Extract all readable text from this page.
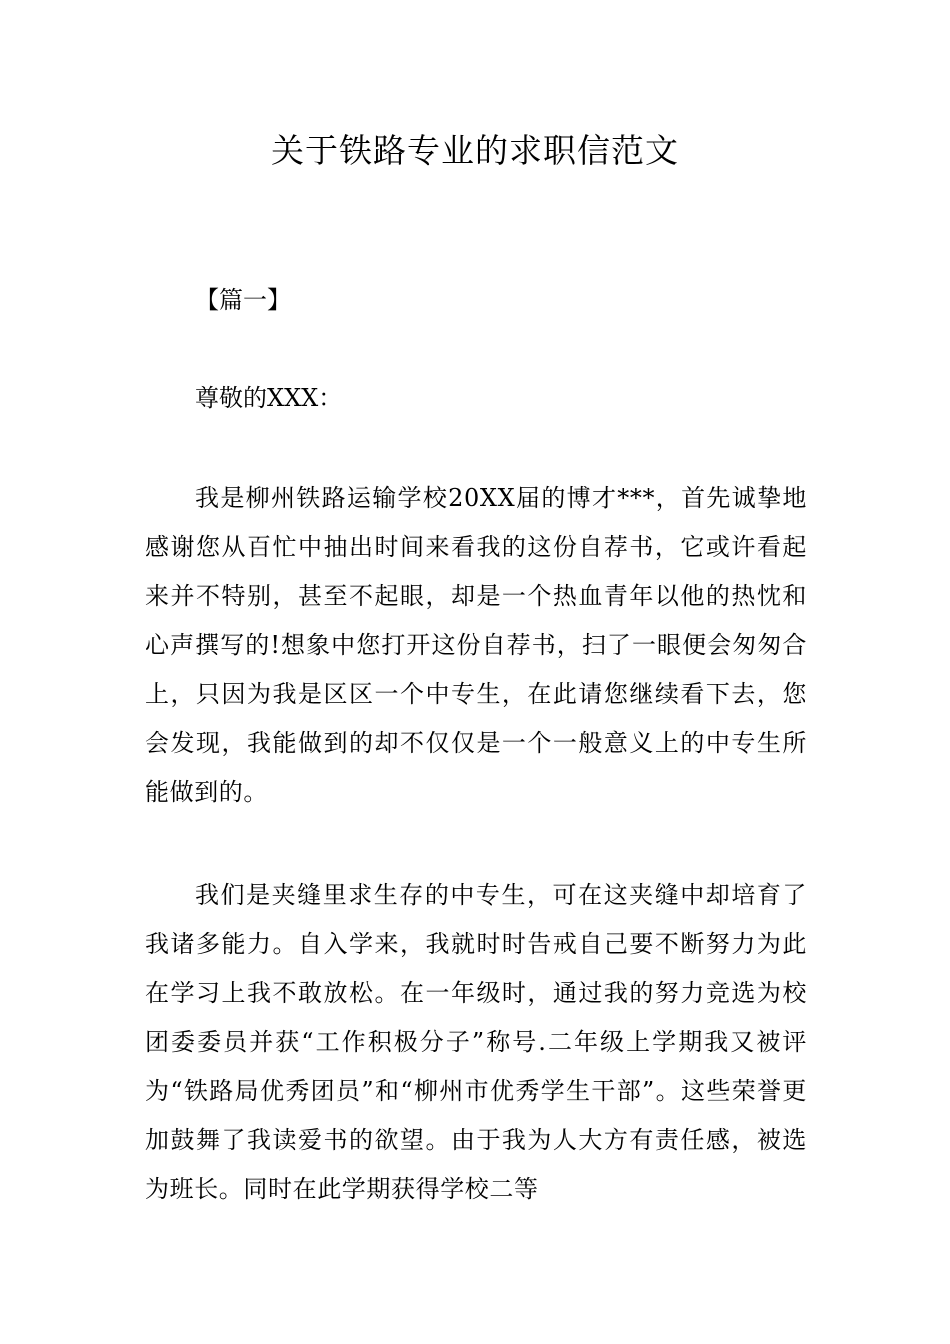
关于铁路专业的求职信范文

【篇一】

尊敬的XXX：

我是柳州铁路运输学校20XX届的博才***，首先诚挚地感谢您从百忙中抽出时间来看我的这份自荐书，它或许看起来并不特别，甚至不起眼，却是一个热血青年以他的热忱和心声撰写的!想象中您打开这份自荐书，扫了一眼便会匆匆合上，只因为我是区区一个中专生，在此请您继续看下去，您会发现，我能做到的却不仅仅是一个一般意义上的中专生所能做到的。

我们是夹缝里求生存的中专生，可在这夹缝中却培育了我诸多能力。自入学来，我就时时告戒自己要不断努力为此在学习上我不敢放松。在一年级时，通过我的努力竞选为校团委委员并获“工作积极分子”称号.二年级上学期我又被评为“铁路局优秀团员”和“柳州市优秀学生干部”。这些荣誉更加鼓舞了我读爱书的欲望。由于我为人大方有责任感，被选为班长。同时在此学期获得学校二等
